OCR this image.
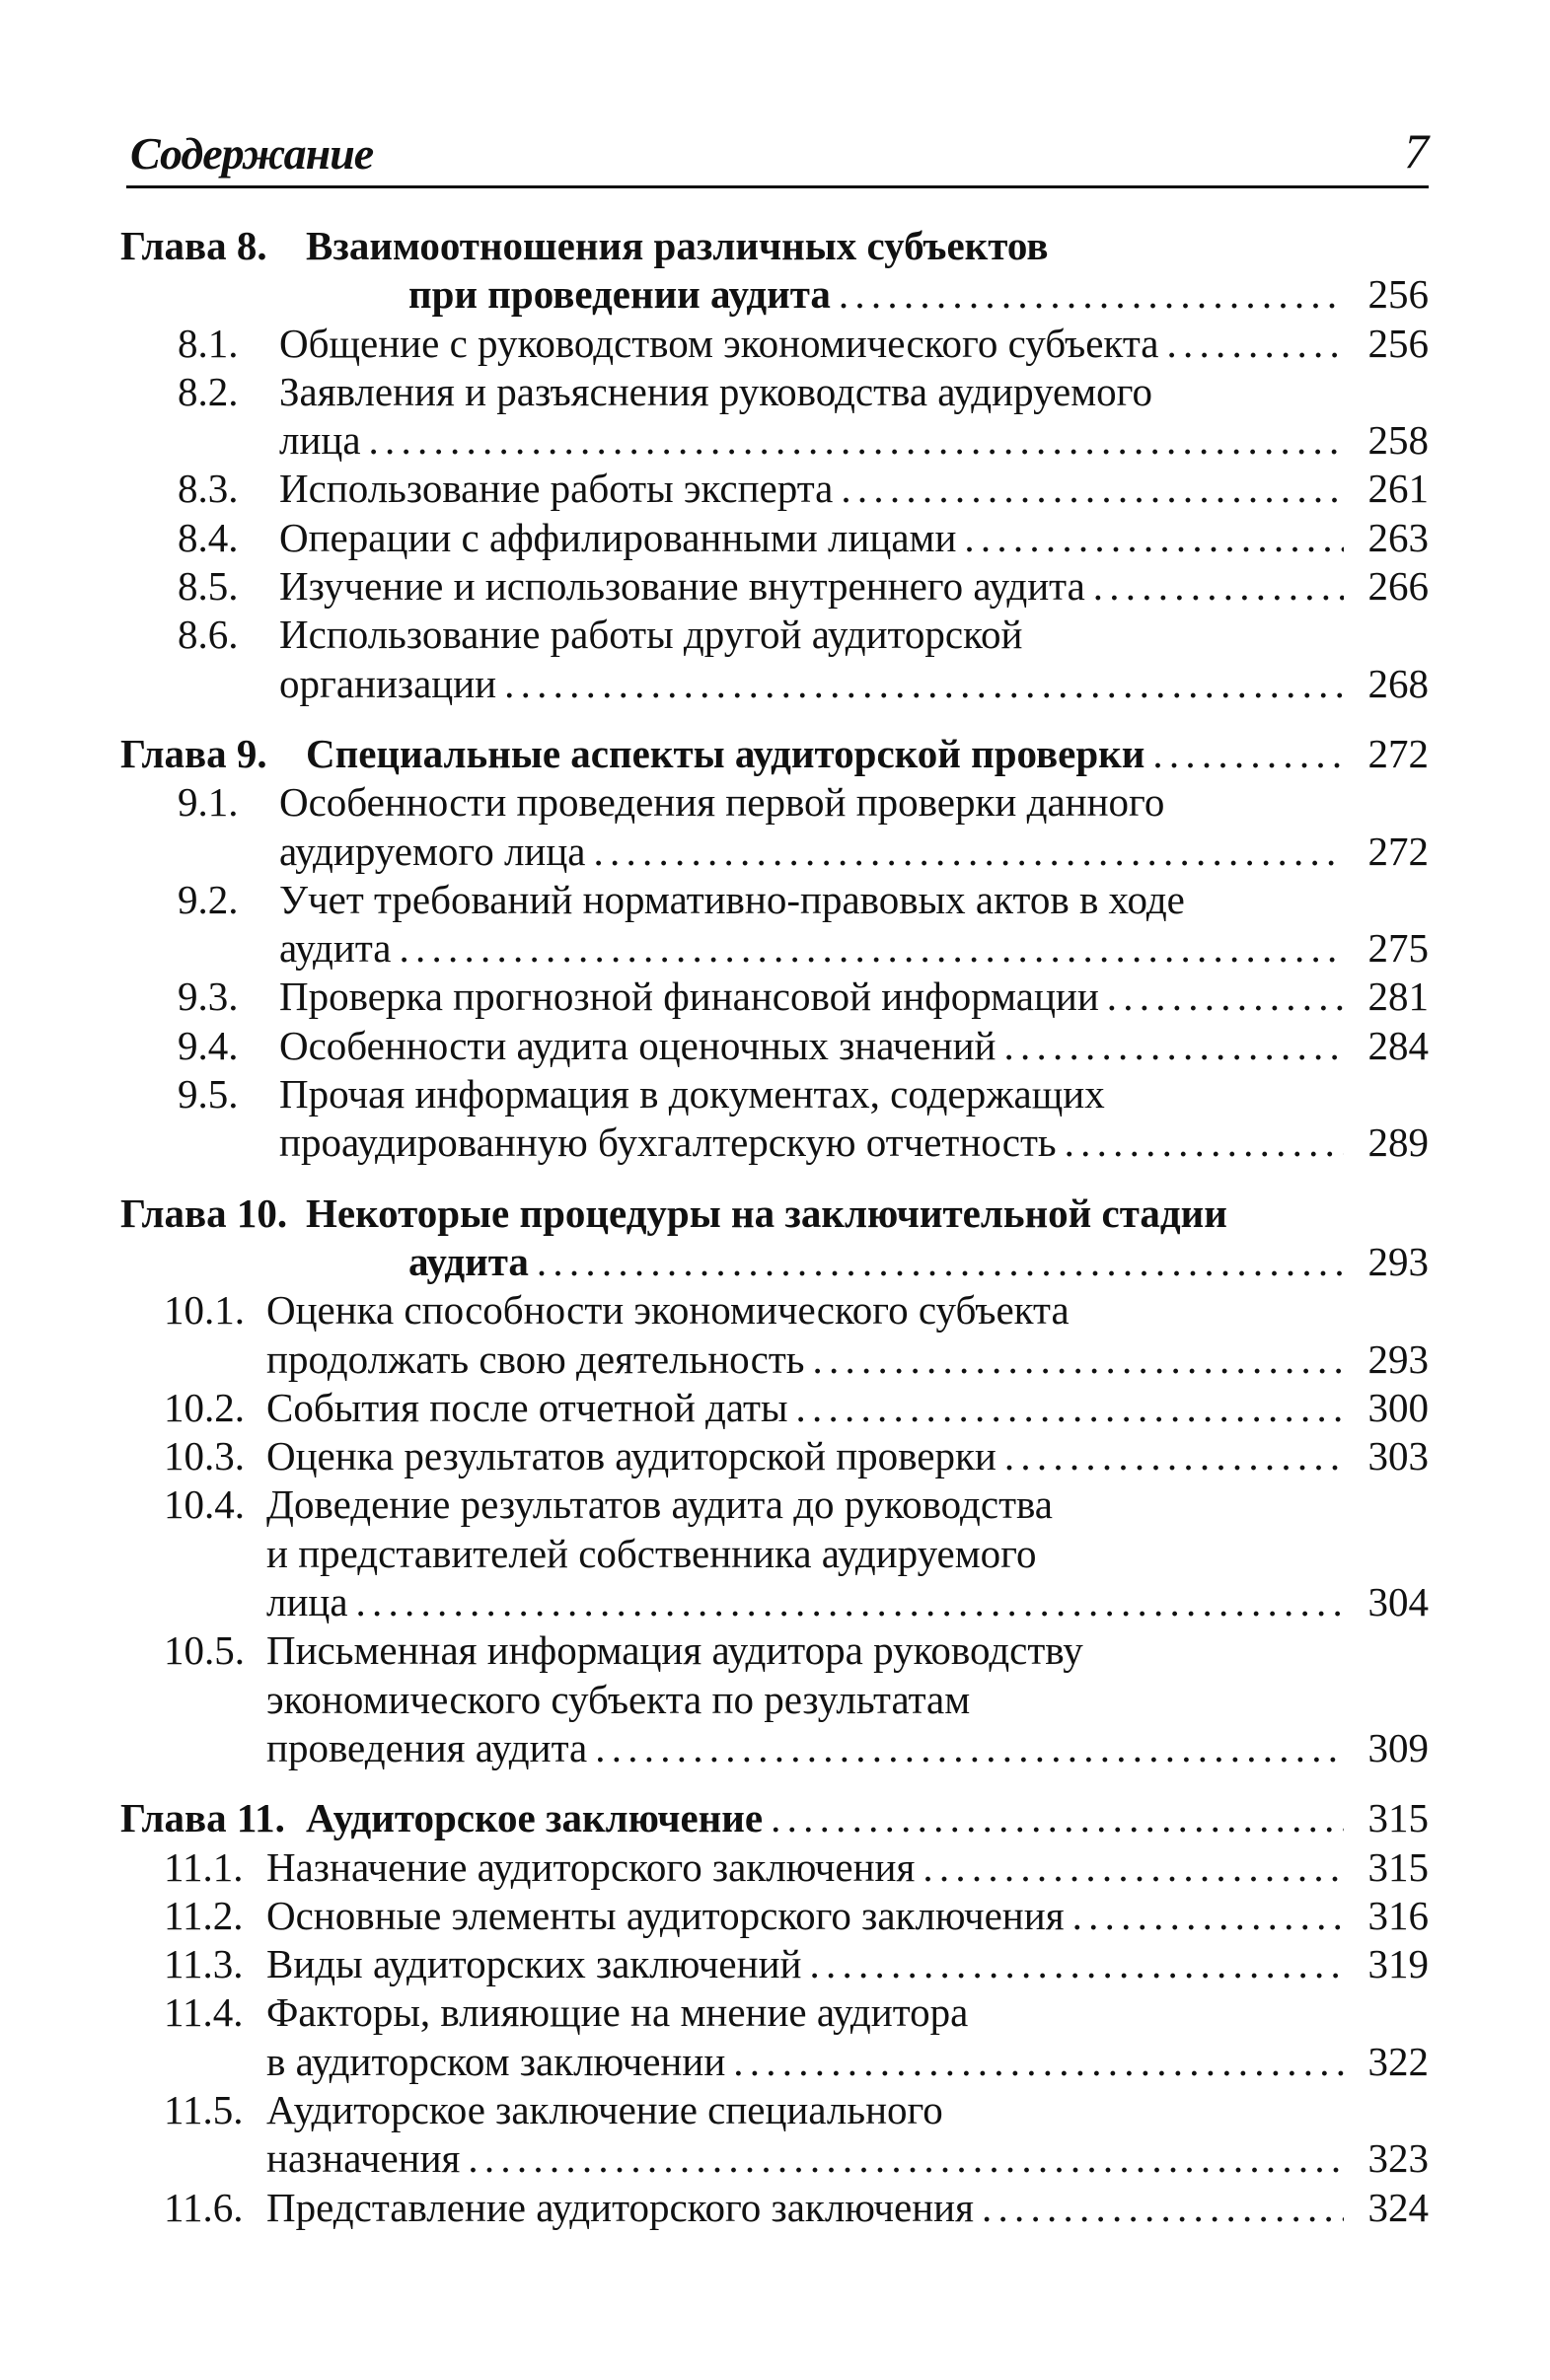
Содержание	7
Глава 8. Взаимоотношения различных субъектов
при проведении аудита . . .	256
8.1. Общение с руководством экономического субъекта . . .	256
8.2. Заявления и разъяснения руководства аудируемого
лица . . .	258
8.3. Использование работы эксперта . . .	261
8.4. Операции с аффилированными лицами . . .	263
8.5. Изучение и использование внутреннего аудита . . .	266
8.6. Использование работы другой аудиторской
организации . . .	268
Глава 9. Специальные аспекты аудиторской проверки . . .	272
9.1. Особенности проведения первой проверки данного
аудируемого лица . . .	272
9.2. Учет требований нормативно-правовых актов в ходе
аудита . . .	275
9.3. Проверка прогнозной финансовой информации . . .	281
9.4. Особенности аудита оценочных значений . . .	284
9.5. Прочая информация в документах, содержащих
проаудированную бухгалтерскую отчетность . . .	289
Глава 10. Некоторые процедуры на заключительной стадии
аудита . . .	293
10.1. Оценка способности экономического субъекта
продолжать свою деятельность . . .	293
10.2. События после отчетной даты . . .	300
10.3. Оценка результатов аудиторской проверки . . .	303
10.4. Доведение результатов аудита до руководства
и представителей собственника аудируемого
лица . . .	304
10.5. Письменная информация аудитора руководству
экономического субъекта по результатам
проведения аудита . . .	309
Глава 11. Аудиторское заключение . . .	315
11.1. Назначение аудиторского заключения . . .	315
11.2. Основные элементы аудиторского заключения . . .	316
11.3. Виды аудиторских заключений . . .	319
11.4. Факторы, влияющие на мнение аудитора
в аудиторском заключении . . .	322
11.5. Аудиторское заключение специального
назначения . . .	323
11.6. Представление аудиторского заключения . . .	324
